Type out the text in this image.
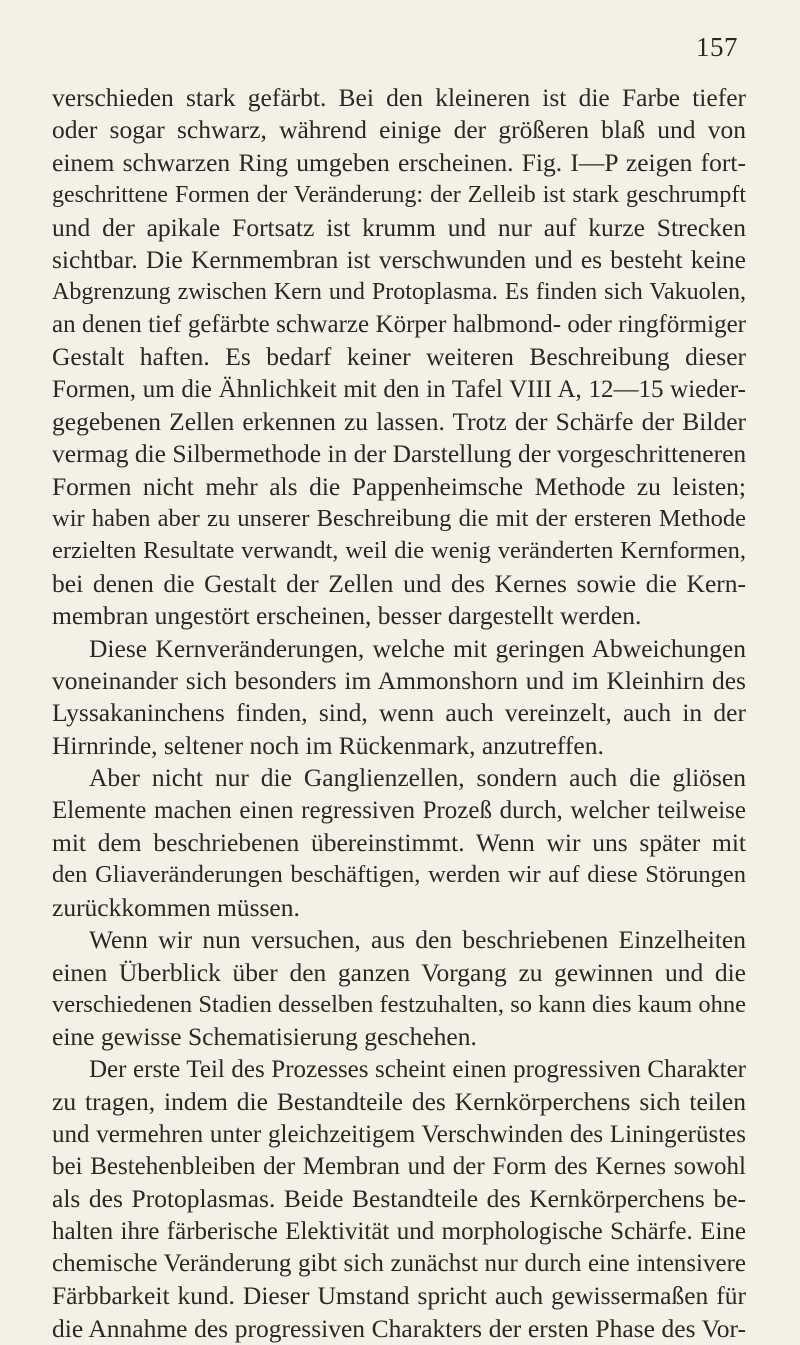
157
verschieden stark gefärbt. Bei den kleineren ist die Farbe tiefer
oder sogar schwarz, während einige der größeren blaß und von
einem schwarzen Ring umgeben erscheinen. Fig. I—P zeigen fort-
geschrittene Formen der Veränderung: der Zelleib ist stark geschrumpft
und der apikale Fortsatz ist krumm und nur auf kurze Strecken
sichtbar. Die Kernmembran ist verschwunden und es besteht keine
Abgrenzung zwischen Kern und Protoplasma. Es finden sich Vakuolen,
an denen tief gefärbte schwarze Körper halbmond- oder ringförmiger
Gestalt haften. Es bedarf keiner weiteren Beschreibung dieser
Formen, um die Ähnlichkeit mit den in Tafel VIII A, 12—15 wieder-
gegebenen Zellen erkennen zu lassen. Trotz der Schärfe der Bilder
vermag die Silbermethode in der Darstellung der vorgeschritteneren
Formen nicht mehr als die Pappenheimsche Methode zu leisten;
wir haben aber zu unserer Beschreibung die mit der ersteren Methode
erzielten Resultate verwandt, weil die wenig veränderten Kernformen,
bei denen die Gestalt der Zellen und des Kernes sowie die Kern-
membran ungestört erscheinen, besser dargestellt werden.
Diese Kernveränderungen, welche mit geringen Abweichungen
voneinander sich besonders im Ammonshorn und im Kleinhirn des
Lyssakaninchens finden, sind, wenn auch vereinzelt, auch in der
Hirnrinde, seltener noch im Rückenmark, anzutreffen.
Aber nicht nur die Ganglienzellen, sondern auch die gliösen
Elemente machen einen regressiven Prozeß durch, welcher teilweise
mit dem beschriebenen übereinstimmt. Wenn wir uns später mit
den Gliaveränderungen beschäftigen, werden wir auf diese Störungen
zurückkommen müssen.
Wenn wir nun versuchen, aus den beschriebenen Einzelheiten
einen Überblick über den ganzen Vorgang zu gewinnen und die
verschiedenen Stadien desselben festzuhalten, so kann dies kaum ohne
eine gewisse Schematisierung geschehen.
Der erste Teil des Prozesses scheint einen progressiven Charakter
zu tragen, indem die Bestandteile des Kernkörperchens sich teilen
und vermehren unter gleichzeitigem Verschwinden des Liningerüstes
bei Bestehenbleiben der Membran und der Form des Kernes sowohl
als des Protoplasmas. Beide Bestandteile des Kernkörperchens be-
halten ihre färberische Elektivität und morphologische Schärfe. Eine
chemische Veränderung gibt sich zunächst nur durch eine intensivere
Färbbarkeit kund. Dieser Umstand spricht auch gewissermaßen für
die Annahme des progressiven Charakters der ersten Phase des Vor-
